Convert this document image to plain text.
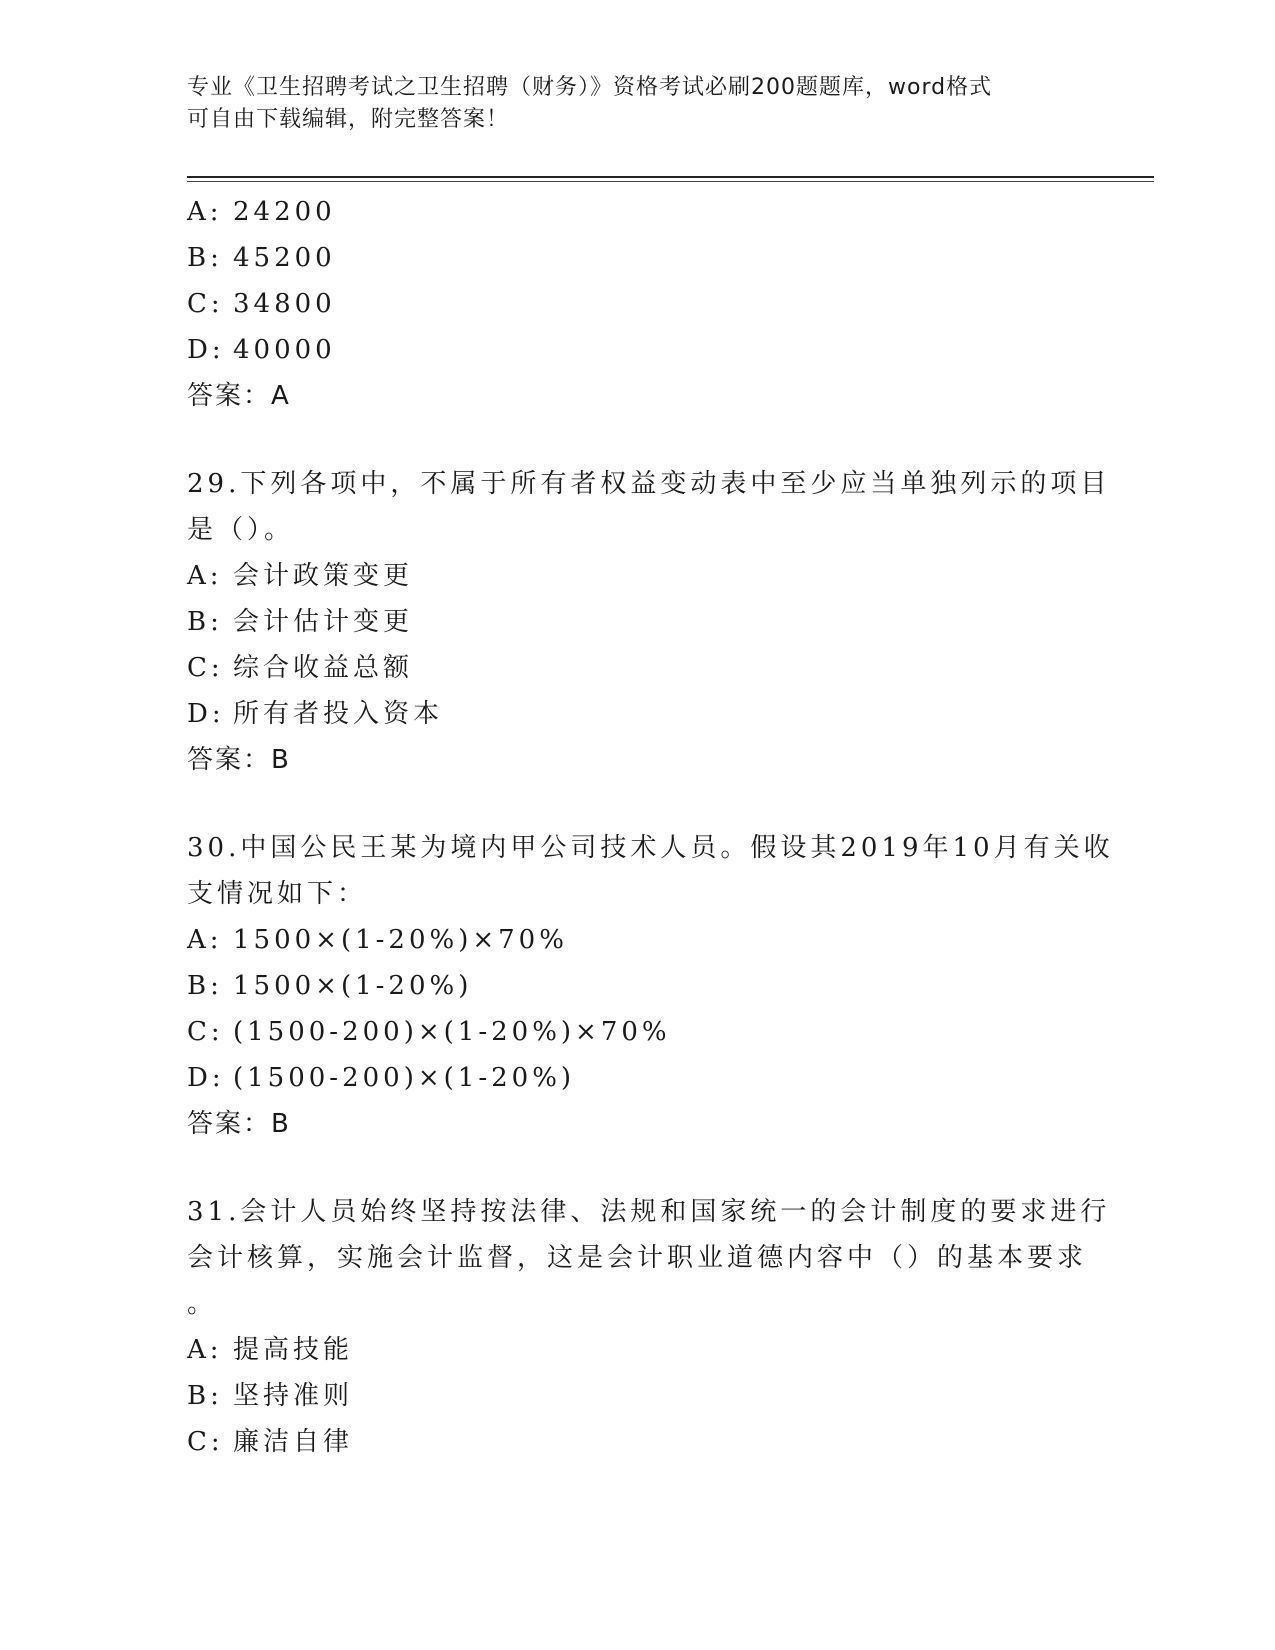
专业《卫生招聘考试之卫生招聘（财务）》资格考试必刷200题题库，word格式
可自由下载编辑，附完整答案！
A: 24200
B: 45200
C: 34800
D: 40000
答案：A
29.下列各项中，不属于所有者权益变动表中至少应当单独列示的项目
是（）。
A: 会计政策变更
B: 会计估计变更
C: 综合收益总额
D: 所有者投入资本
答案：B
30.中国公民王某为境内甲公司技术人员。假设其2019年10月有关收
支情况如下：
A: 1500×(1-20%)×70%
B: 1500×(1-20%)
C: (1500-200)×(1-20%)×70%
D: (1500-200)×(1-20%)
答案：B
31.会计人员始终坚持按法律、法规和国家统一的会计制度的要求进行
会计核算，实施会计监督，这是会计职业道德内容中（）的基本要求
。
A: 提高技能
B: 坚持准则
C: 廉洁自律
